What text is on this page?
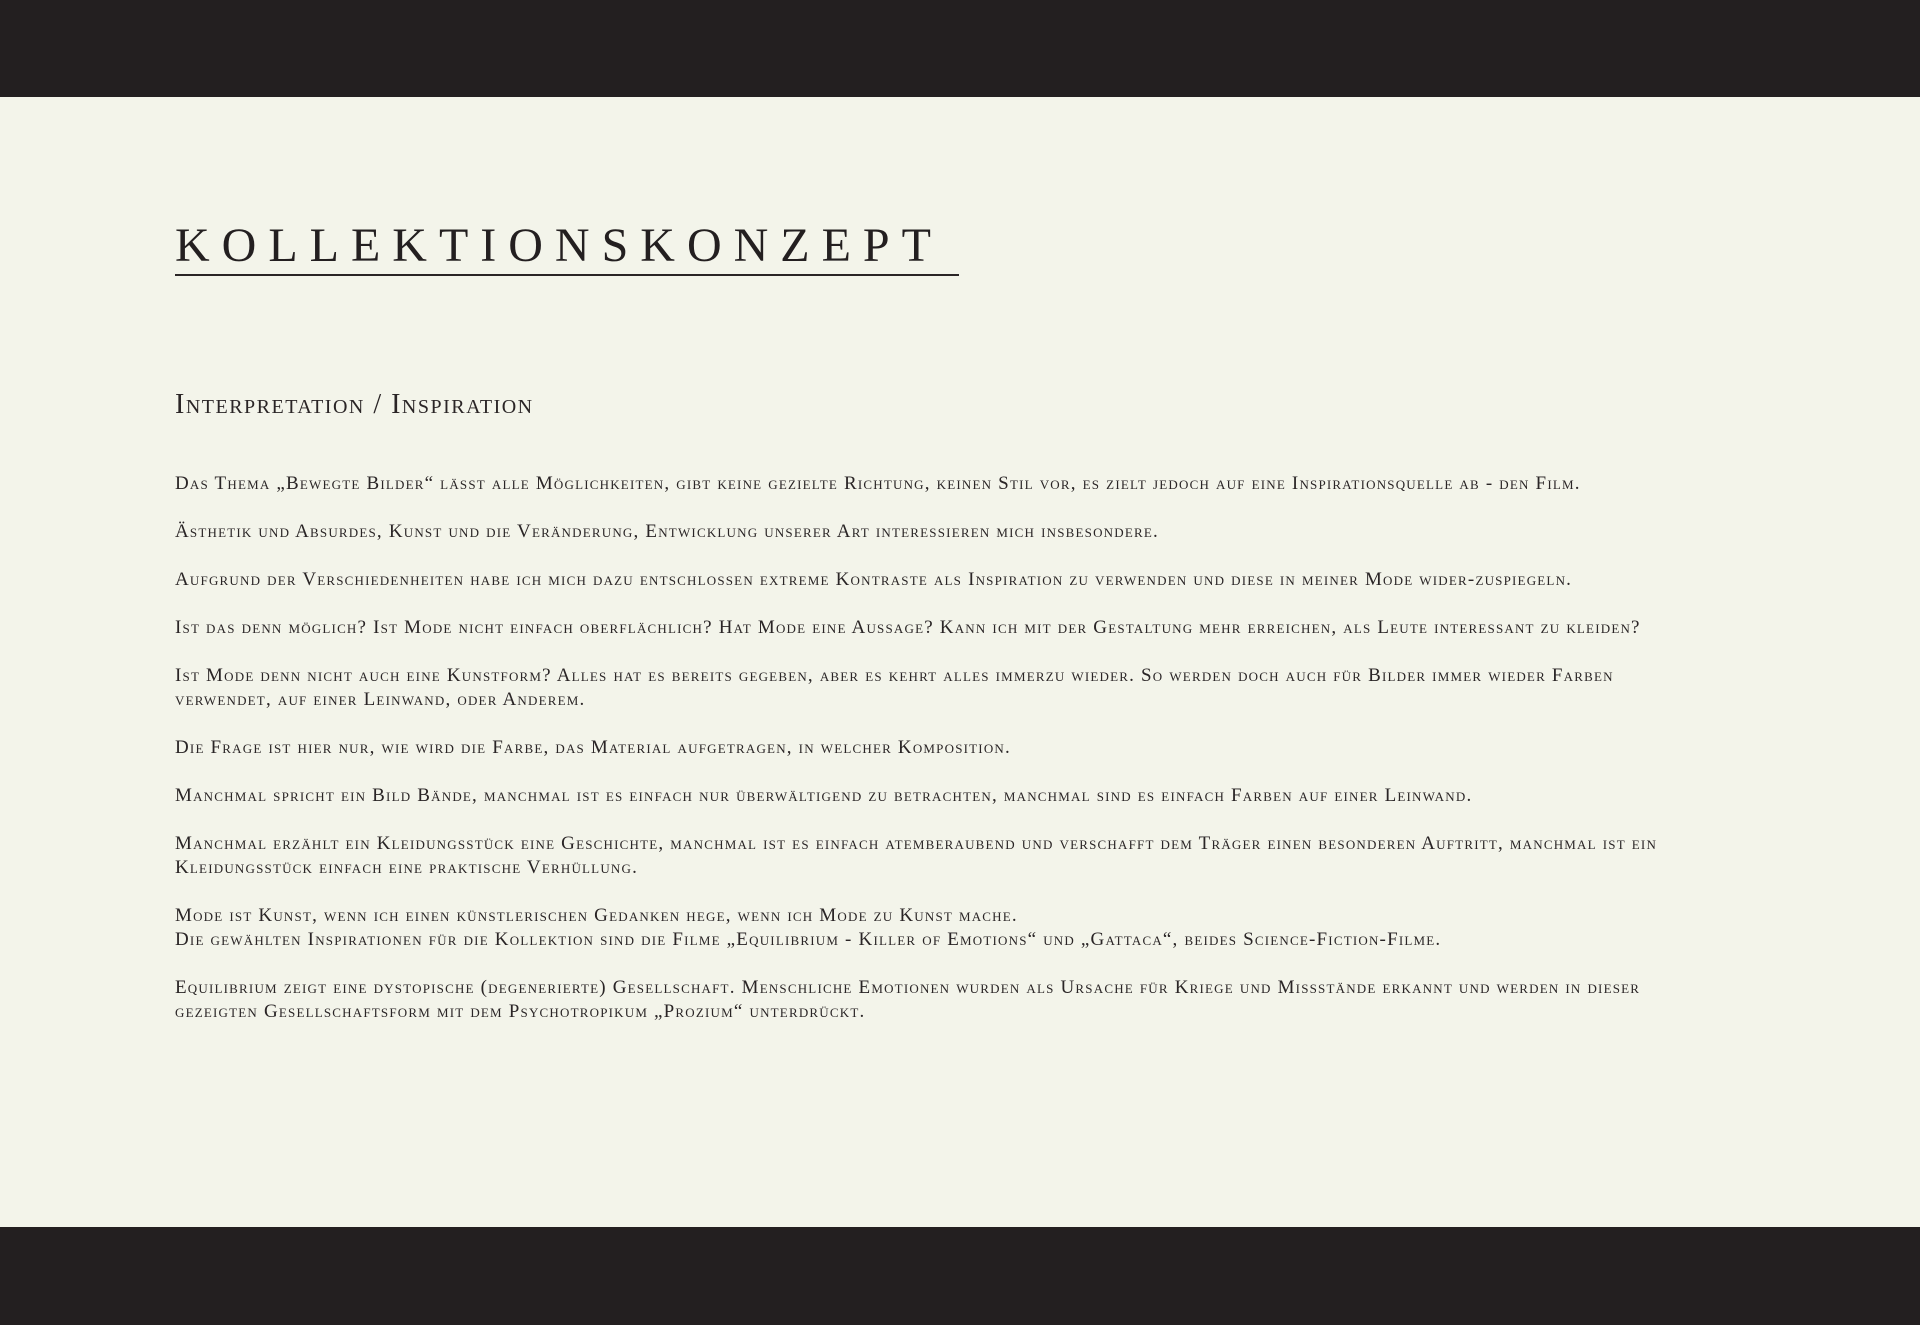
KOLLEKTIONSKONZEPT
Interpretation / Inspiration

Das Thema „Bewegte Bilder“ lässt alle Möglichkeiten, gibt keine gezielte Richtung, keinen Stil vor, es zielt jedoch auf eine Inspirationsquelle ab - den Film.

Ästhetik und Absurdes, Kunst und die Veränderung, Entwicklung unserer Art interessieren mich insbesondere.

Aufgrund der Verschiedenheiten habe ich mich dazu entschlossen extreme Kontraste als Inspiration zu verwenden und diese in meiner Mode wider-zuspiegeln.

Ist das denn möglich? Ist Mode nicht einfach oberflächlich? Hat Mode eine Aussage? Kann ich mit der Gestaltung mehr erreichen, als Leute interessant zu kleiden?

Ist Mode denn nicht auch eine Kunstform? Alles hat es bereits gegeben, aber es kehrt alles immerzu wieder. So werden doch auch für Bilder immer wieder Farben verwendet, auf einer Leinwand, oder Anderem.

Die Frage ist hier nur, wie wird die Farbe, das Material aufgetragen, in welcher Komposition.

Manchmal spricht ein Bild Bände, manchmal ist es einfach nur überwältigend zu betrachten, manchmal sind es einfach Farben auf einer Leinwand.

Manchmal erzählt ein Kleidungsstück eine Geschichte, manchmal ist es einfach atemberaubend und verschafft dem Träger einen besonderen Auftritt, manchmal ist ein Kleidungsstück einfach eine praktische Verhüllung.

Mode ist Kunst, wenn ich einen künstlerischen Gedanken hege, wenn ich Mode zu Kunst mache.

Die gewählten Inspirationen für die Kollektion sind die Filme „Equilibrium - Killer of Emotions“ und „Gattaca“, beides Science-Fiction-Filme.

Equilibrium zeigt eine dystopische (degenerierte) Gesellschaft. Menschliche Emotionen wurden als Ursache für Kriege und Missstände erkannt und werden in dieser gezeigten Gesellschaftsform mit dem Psychotropikum „Prozium“ unterdrückt.
